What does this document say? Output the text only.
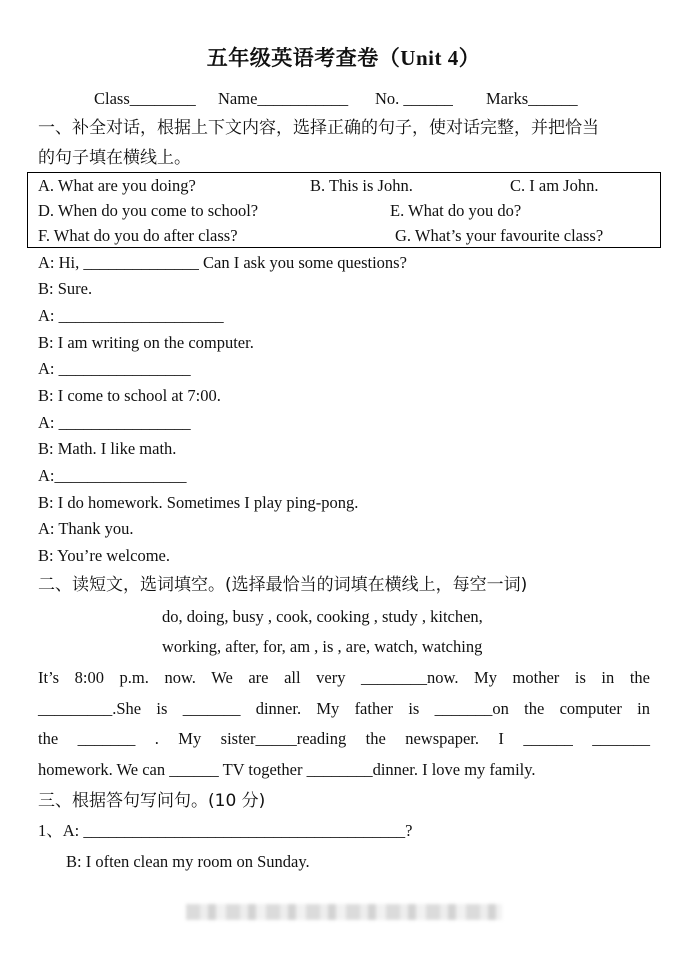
五年级英语考查卷（Unit 4）
Class________ Name___________ No. ______ Marks______
一、补全对话，根据上下文内容，选择正确的句子，使对话完整，并把恰当
的句子填在横线上。
A. What are you doing?	B. This is John.	C. I am John.
D. When do you come to school?	E. What do you do?
F. What do you do after class?	G. What’s your favourite class?
A: Hi, ______________ Can I ask you some questions?
B: Sure.
A: ____________________
B: I am writing on the computer.
A: ________________
B: I come to school at 7:00.
A: ________________
B: Math. I like math.
A:________________
B: I do homework. Sometimes I play ping-pong.
A: Thank you.
B: You’re welcome.
二、读短文，选词填空。(选择最恰当的词填在横线上，每空一词)
do, doing, busy , cook, cooking , study , kitchen,
working, after, for, am , is , are, watch, watching
It’s 8:00 p.m. now. We are all very ________now. My mother is in the
_________.She is _______ dinner. My father is _______on the computer in
the _______ . My sister_____reading the newspaper. I ______ _______
homework. We can ______ TV together ________dinner. I love my family.
三、根据答句写问句。(10 分)
1、A: _______________________________________?
B: I often clean my room on Sunday.
